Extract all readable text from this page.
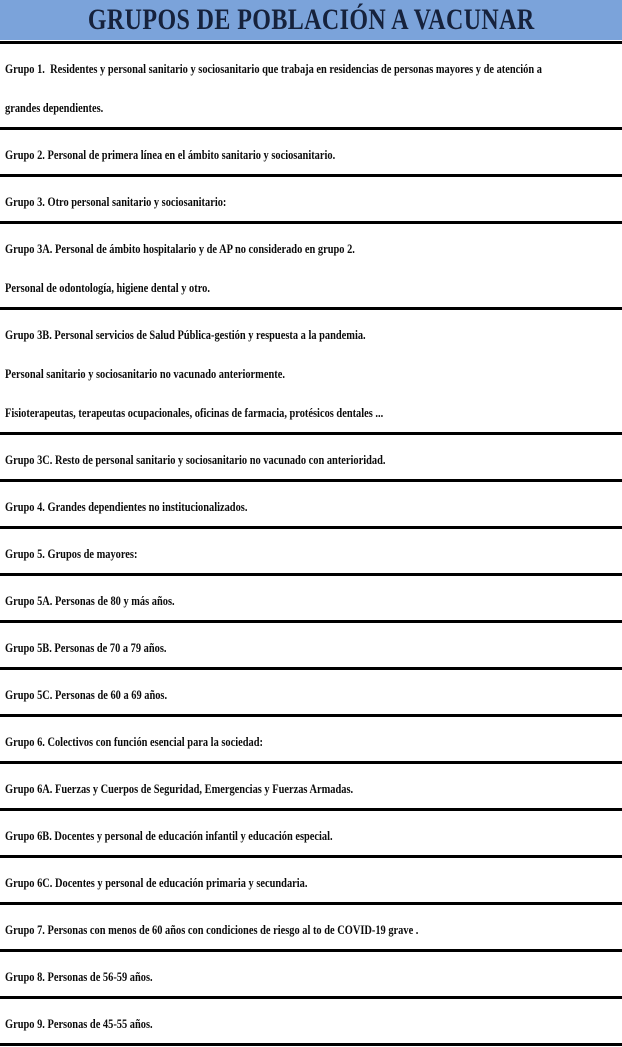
GRUPOS DE POBLACIÓN A VACUNAR
Grupo 1.  Residentes y personal sanitario y sociosanitario que trabaja en residencias de personas mayores y de atención a
grandes dependientes.
Grupo 2. Personal de primera línea en el ámbito sanitario y sociosanitario.
Grupo 3. Otro personal sanitario y sociosanitario:
Grupo 3A. Personal de ámbito hospitalario y de AP no considerado en grupo 2.
Personal de odontología, higiene dental y otro.
Grupo 3B. Personal servicios de Salud Pública-gestión y respuesta a la pandemia.
Personal sanitario y sociosanitario no vacunado anteriormente.
Fisioterapeutas, terapeutas ocupacionales, oficinas de farmacia, protésicos dentales ...
Grupo 3C. Resto de personal sanitario y sociosanitario no vacunado con anterioridad.
Grupo 4. Grandes dependientes no institucionalizados.
Grupo 5. Grupos de mayores:
Grupo 5A. Personas de 80 y más años.
Grupo 5B. Personas de 70 a 79 años.
Grupo 5C. Personas de 60 a 69 años.
Grupo 6. Colectivos con función esencial para la sociedad:
Grupo 6A. Fuerzas y Cuerpos de Seguridad, Emergencias y Fuerzas Armadas.
Grupo 6B. Docentes y personal de educación infantil y educación especial.
Grupo 6C. Docentes y personal de educación primaria y secundaria.
Grupo 7. Personas con menos de 60 años con condiciones de riesgo al to de COVID-19 grave .
Grupo 8. Personas de 56-59 años.
Grupo 9. Personas de 45-55 años.
